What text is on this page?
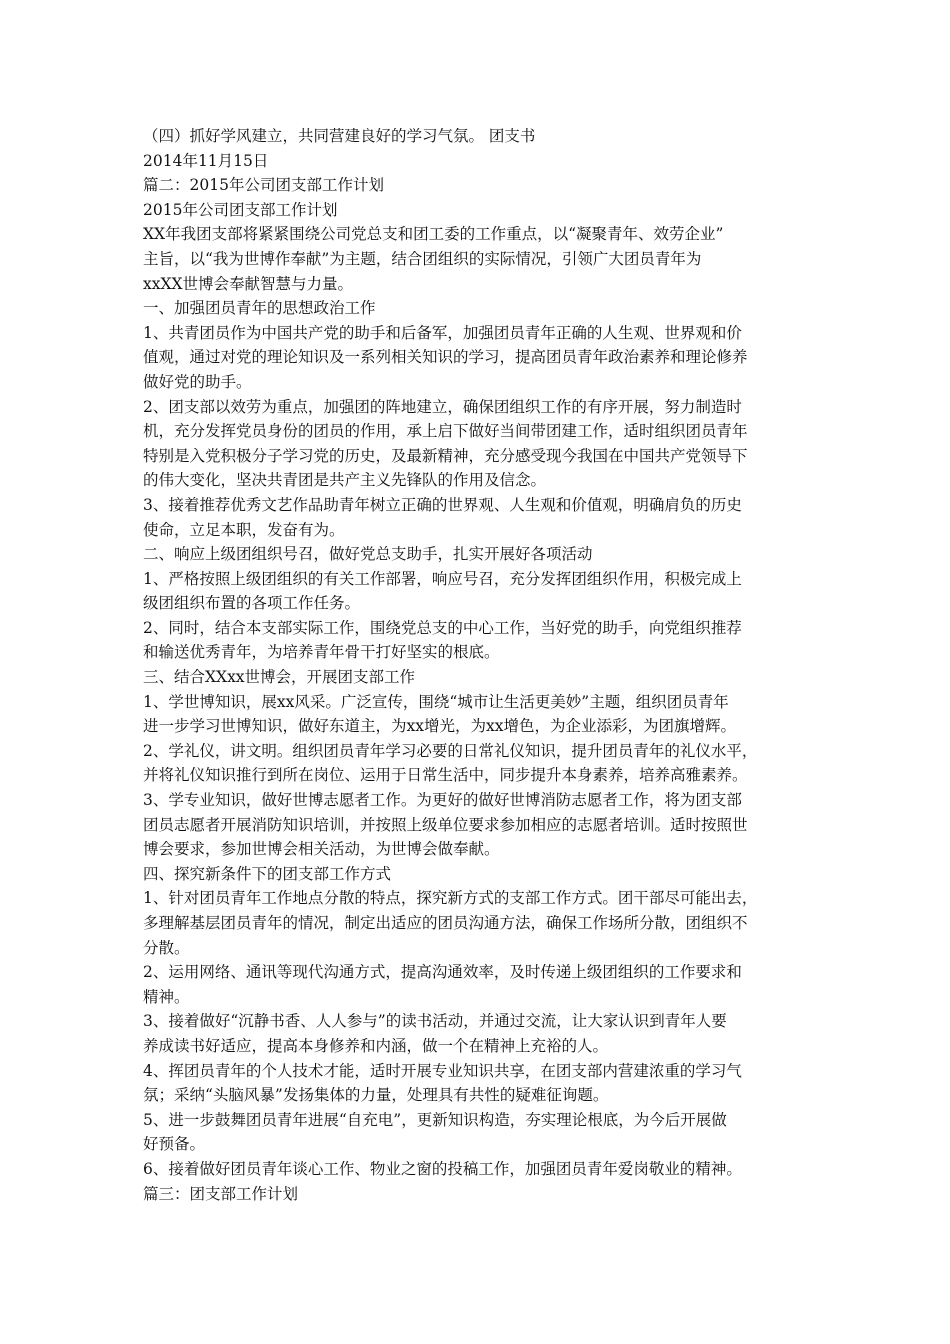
（四）抓好学风建立，共同营建良好的学习气氛。 团支书
2014年11月15日
篇二：2015年公司团支部工作计划
2015年公司团支部工作计划
XX年我团支部将紧紧围绕公司党总支和团工委的工作重点，以“凝聚青年、效劳企业”
主旨，以“我为世博作奉献”为主题，结合团组织的实际情况，引领广大团员青年为
xxXX世博会奉献智慧与力量。
一、加强团员青年的思想政治工作
1、共青团员作为中国共产党的助手和后备军，加强团员青年正确的人生观、世界观和价
值观，通过对党的理论知识及一系列相关知识的学习，提高团员青年政治素养和理论修养
做好党的助手。
2、团支部以效劳为重点，加强团的阵地建立，确保团组织工作的有序开展，努力制造时
机，充分发挥党员身份的团员的作用，承上启下做好当间带团建工作，适时组织团员青年
特别是入党积极分子学习党的历史，及最新精神，充分感受现今我国在中国共产党领导下
的伟大变化，坚决共青团是共产主义先锋队的作用及信念。
3、接着推荐优秀文艺作品助青年树立正确的世界观、人生观和价值观，明确肩负的历史
使命，立足本职，发奋有为。
二、响应上级团组织号召，做好党总支助手，扎实开展好各项活动
1、严格按照上级团组织的有关工作部署，响应号召，充分发挥团组织作用，积极完成上
级团组织布置的各项工作任务。
2、同时，结合本支部实际工作，围绕党总支的中心工作，当好党的助手，向党组织推荐
和输送优秀青年，为培养青年骨干打好坚实的根底。
三、结合XXxx世博会，开展团支部工作
1、学世博知识，展xx风采。广泛宣传，围绕“城市让生活更美妙”主题，组织团员青年
进一步学习世博知识，做好东道主，为xx增光，为xx增色，为企业添彩，为团旗增辉。
2、学礼仪，讲文明。组织团员青年学习必要的日常礼仪知识，提升团员青年的礼仪水平，
并将礼仪知识推行到所在岗位、运用于日常生活中，同步提升本身素养，培养高雅素养。
3、学专业知识，做好世博志愿者工作。为更好的做好世博消防志愿者工作，将为团支部
团员志愿者开展消防知识培训，并按照上级单位要求参加相应的志愿者培训。适时按照世
博会要求，参加世博会相关活动，为世博会做奉献。
四、探究新条件下的团支部工作方式
1、针对团员青年工作地点分散的特点，探究新方式的支部工作方式。团干部尽可能出去，
多理解基层团员青年的情况，制定出适应的团员沟通方法，确保工作场所分散，团组织不
分散。
2、运用网络、通讯等现代沟通方式，提高沟通效率，及时传递上级团组织的工作要求和
精神。
3、接着做好“沉静书香、人人参与”的读书活动，并通过交流，让大家认识到青年人要
养成读书好适应，提高本身修养和内涵，做一个在精神上充裕的人。
4、挥团员青年的个人技术才能，适时开展专业知识共享，在团支部内营建浓重的学习气
氛；采纳“头脑风暴”发扬集体的力量，处理具有共性的疑难征询题。
5、进一步鼓舞团员青年进展“自充电”，更新知识构造，夯实理论根底，为今后开展做
好预备。
6、接着做好团员青年谈心工作、物业之窗的投稿工作，加强团员青年爱岗敬业的精神。
篇三：团支部工作计划
